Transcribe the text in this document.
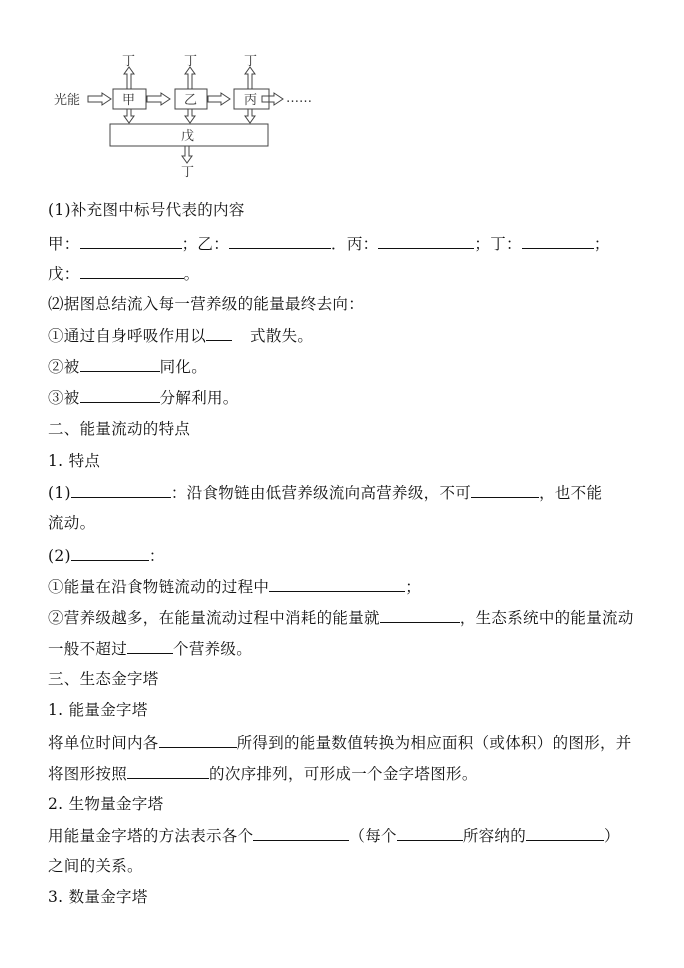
光能	甲	乙	丙
丁	丁	丁
戊
丁
……
(1)补充图中标号代表的内容
甲：	；乙：	．丙：	；丁：	；
戊：	。
⑵据图总结流入每一营养级的能量最终去向：
①通过自身呼吸作用以	式散失。
②被	同化。
③被	分解利用。
二、能量流动的特点
1. 特点
(1)	：沿食物链由低营养级流向高营养级，不可	，也不能
流动。
(2)	：
①能量在沿食物链流动的过程中	；
②营养级越多，在能量流动过程中消耗的能量就	，生态系统中的能量流动
一般不超过	个营养级。
三、生态金字塔
1. 能量金字塔
将单位时间内各	所得到的能量数值转换为相应面积（或体积）的图形，并
将图形按照	的次序排列，可形成一个金字塔图形。
2. 生物量金字塔
用能量金字塔的方法表示各个	（每个	所容纳的	）
之间的关系。
3. 数量金字塔
